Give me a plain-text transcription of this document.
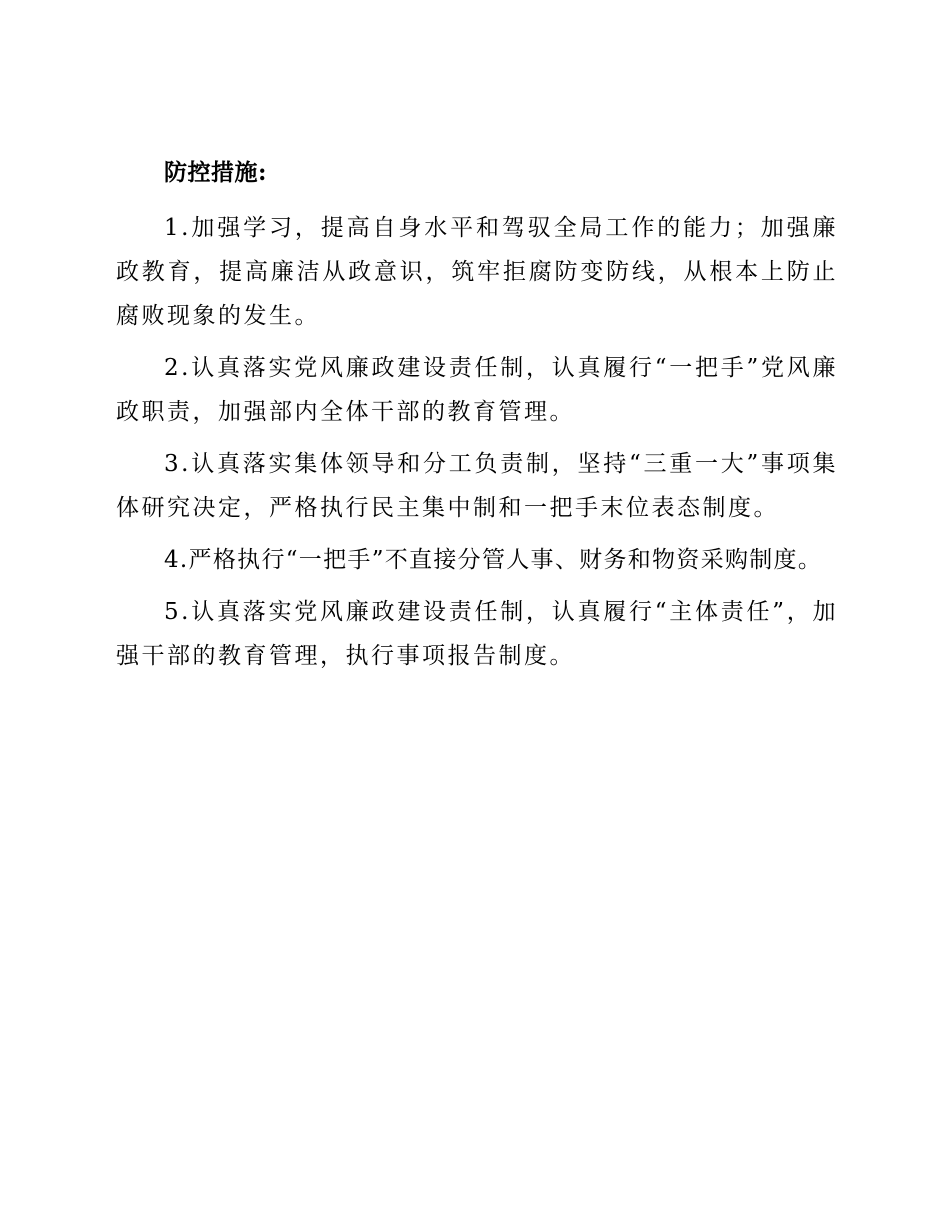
防控措施:

1.加强学习，提高自身水平和驾驭全局工作的能力；加强廉政教育，提高廉洁从政意识，筑牢拒腐防变防线，从根本上防止腐败现象的发生。

2.认真落实党风廉政建设责任制，认真履行“一把手”党风廉政职责，加强部内全体干部的教育管理。

3.认真落实集体领导和分工负责制，坚持“三重一大”事项集体研究决定，严格执行民主集中制和一把手末位表态制度。

4.严格执行“一把手”不直接分管人事、财务和物资采购制度。

5.认真落实党风廉政建设责任制，认真履行“主体责任”，加强干部的教育管理，执行事项报告制度。
